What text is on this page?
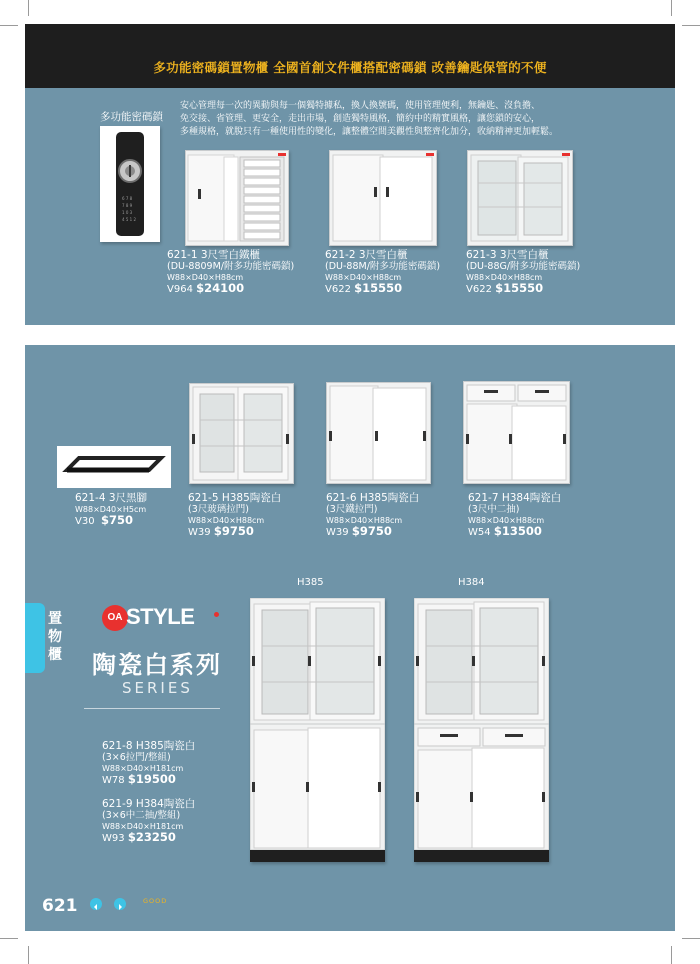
多功能密碼鎖置物櫃 全國首創文件櫃搭配密碼鎖 改善鑰匙保管的不便
多功能密碼鎖
6 7 8
7 8 9
1 0 3
4 5 1 2
安心管理每一次的異動與每一個獨特據私，換人換號碼，使用管理便利，無鑰匙、沒負擔、
免交接、省管理、更安全，走出市場，創造獨特風格，簡約中的精實風格，讓您鎖的安心，
多種規格，就脫只有一種使用性的變化，讓整體空間美觀性與整齊化加分，收納精神更加輕鬆。
621-1 3尺雪白鐵櫃
(DU-8809M/附多功能密碼鎖)
W88×D40×H88cm
V964 $24100
621-2 3尺雪白櫃
(DU-88M/附多功能密碼鎖)
W88×D40×H88cm
V622 $15550
621-3 3尺雪白櫃
(DU-88G/附多功能密碼鎖)
W88×D40×H88cm
V622 $15550
621-4 3尺黑腳
W88×D40×H5cm
V30 $750
621-5 H385陶瓷白
(3尺玻璃拉門)
W88×D40×H88cm
W39 $9750
621-6 H385陶瓷白
(3尺鐵拉門)
W88×D40×H88cm
W39 $9750
621-7 H384陶瓷白
(3尺中二抽)
W88×D40×H88cm
W54 $13500
H385	H384
置物櫃
OA STYLE
陶瓷白系列
SERIES
621-8 H385陶瓷白
(3×6拉門/整組)
W88×D40×H181cm
W78 $19500
621-9 H384陶瓷白
(3×6中二抽/整組)
W88×D40×H181cm
W93 $23250
621	GOOD
